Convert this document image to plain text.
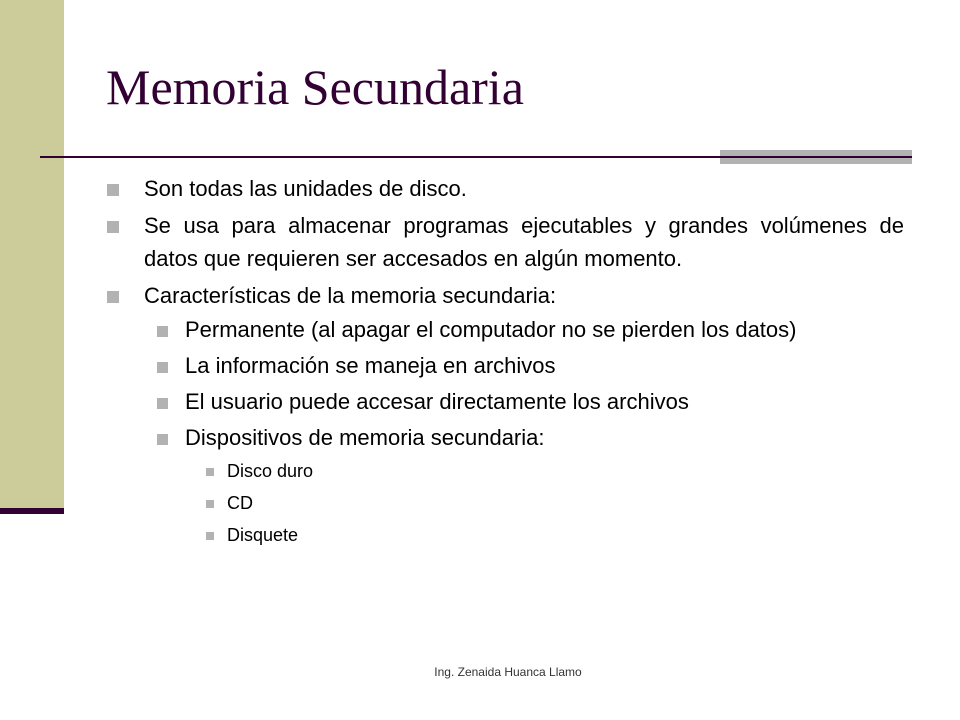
Memoria Secundaria
Son todas las unidades de disco.
Se usa para almacenar programas ejecutables y grandes volúmenes de datos que requieren ser accesados en algún momento.
Características de la memoria secundaria:
Permanente (al apagar el computador no se pierden los datos)
La información se maneja en archivos
El usuario puede accesar directamente los archivos
Dispositivos de memoria secundaria:
Disco duro
CD
Disquete
Ing. Zenaida Huanca Llamo
